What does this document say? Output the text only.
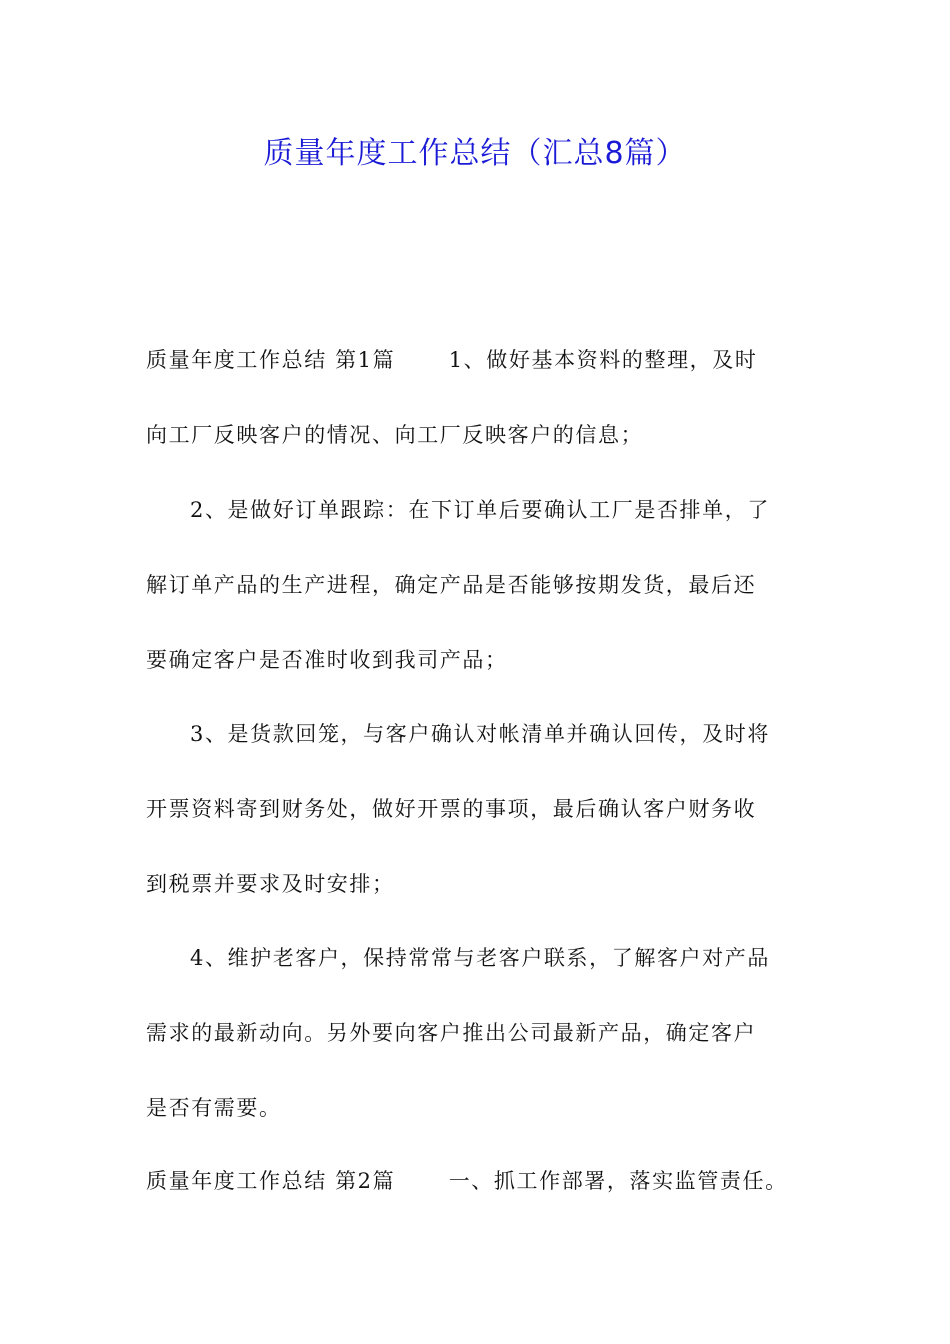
质量年度工作总结（汇总8篇）
质量年度工作总结 第1篇　　 1、做好基本资料的整理，及时
向工厂反映客户的情况、向工厂反映客户的信息；
2、是做好订单跟踪：在下订单后要确认工厂是否排单，了
解订单产品的生产进程，确定产品是否能够按期发货，最后还
要确定客户是否准时收到我司产品；
3、是货款回笼，与客户确认对帐清单并确认回传，及时将
开票资料寄到财务处，做好开票的事项，最后确认客户财务收
到税票并要求及时安排；
4、维护老客户，保持常常与老客户联系，了解客户对产品
需求的最新动向。另外要向客户推出公司最新产品，确定客户
是否有需要。
质量年度工作总结 第2篇　　 一、抓工作部署，落实监管责任。
